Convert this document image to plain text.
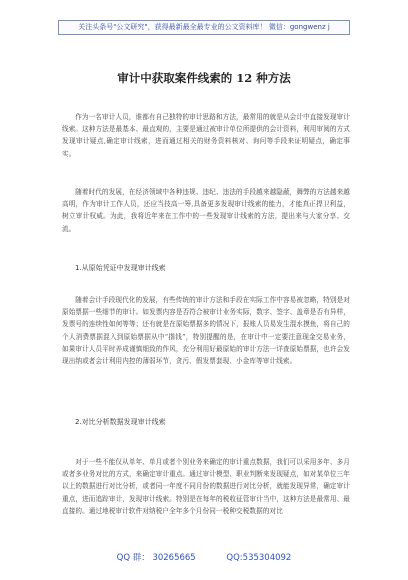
关注头条号"公文研究"，获得最新最全最专业的公文资料库！ 微信：gongwenz j
审计中获取案件线索的 12 种方法

作为一名审计人员，谁都有自己独特的审计思路和方法，最常用的就是从会计中直接发现审计线索。这种方法是最基本、最直观的，主要是通过被审计单位所提供的会计资料，利用审阅的方式发现审计疑点,确定审计线索，进而通过相关的财务资料核对、询问等手段来证明疑点，确定事实。

随着时代的发展，在经济领域中各种违规、违纪、违法的手段越来越隐蔽，舞弊的方法越来越高明，作为审计工作人员，还应当技高一筹,具备更多发现审计线索的能力，才能真正捍卫利益，树立审计权威。为此，我将近年来在工作中的一些发现审计线索的方法，提出来与大家分享、交流。

1.从原始凭证中发现审计线索

随着会计手段现代化的发展，有些传统的审计方法和手段在实际工作中容易被忽略，特别是对原始票据一些细节的审计。如发票内容是否符合被审计业务实际，数字、签字、盖章是否有异样，发票号的连续性如何等等；还有就是在原始票据多的情况下，报账人员易发生混水摸鱼，将自己的个人消费票据混入到原始票据从中“揩钱”，特别提醒的是，在审计中一定要注意现金交易业务，如果审计人员平时养成谨慎细致的作风，充分利用好最原始的审计方法一详查原始票据，也许会发现出纳或者会计利用内控的薄弱环节，贪污、假发票套现、小金库等审计线索。

2.对比分析数据发现审计线索

对于一些不能仅从单年、单月或者个别业务来确定的审计重点数据，我们可以采用多年、多月或者多业务对比的方式，来确定审计重点。通过审计模型、职业判断来发现疑点，如对某单位三年以上的数据进行对比分析，或者同一年度不同月份的数据进行对比分析，就能发现异常，确定审计重点，进而追踪审计，发现审计线索。特别是在每年的税收征管审计当中，这种方法是最常用、最直接的。通过地税审计软件对纳税户全年多个月份同一税种交税数据的对比

QQ 群： 30265665	QQ:535304092
